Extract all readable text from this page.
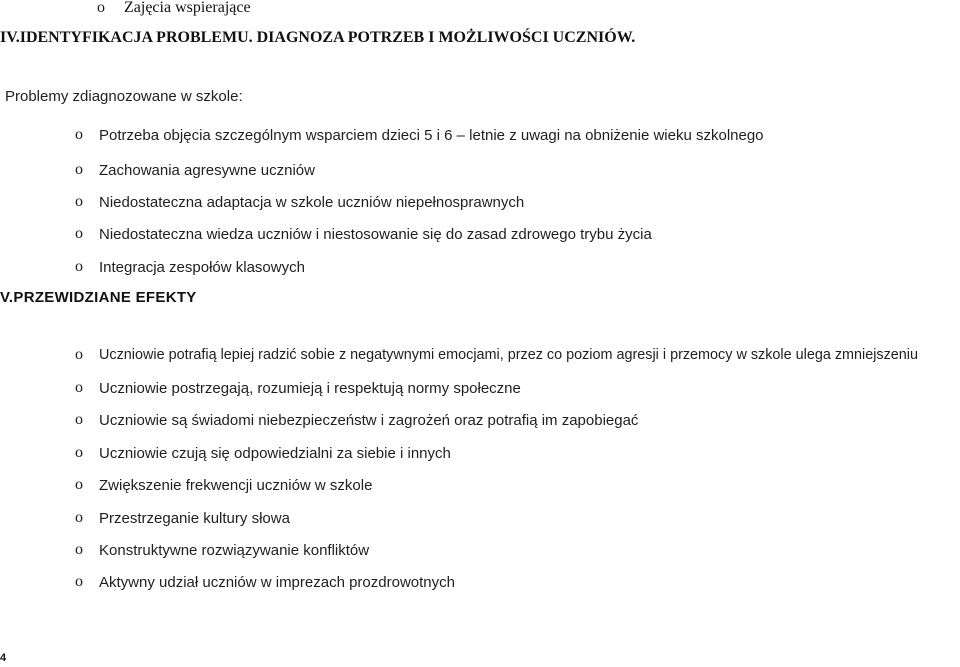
o Zajęcia wspierające
IV.IDENTYFIKACJA PROBLEMU. DIAGNOZA POTRZEB I MOŻLIWOŚCI UCZNIÓW.
Problemy zdiagnozowane w szkole:
o Potrzeba objęcia szczególnym wsparciem dzieci 5 i 6 – letnie z uwagi na obniżenie wieku szkolnego
o Zachowania agresywne uczniów
o Niedostateczna adaptacja w szkole uczniów niepełnosprawnych
o Niedostateczna wiedza uczniów i niestosowanie się do zasad zdrowego trybu życia
o Integracja zespołów klasowych
V.PRZEWIDZIANE EFEKTY
o Uczniowie potrafią lepiej radzić sobie z negatywnymi emocjami, przez co poziom agresji i przemocy w szkole ulega zmniejszeniu
o Uczniowie postrzegają, rozumieją i respektują normy społeczne
o Uczniowie są świadomi niebezpieczeństw i zagrożeń oraz potrafią im zapobiegać
o Uczniowie czują się odpowiedzialni za siebie i innych
o Zwiększenie frekwencji uczniów w szkole
o Przestrzeganie kultury słowa
o Konstruktywne rozwiązywanie konfliktów
o Aktywny udział uczniów w imprezach prozdrowotnych
4
